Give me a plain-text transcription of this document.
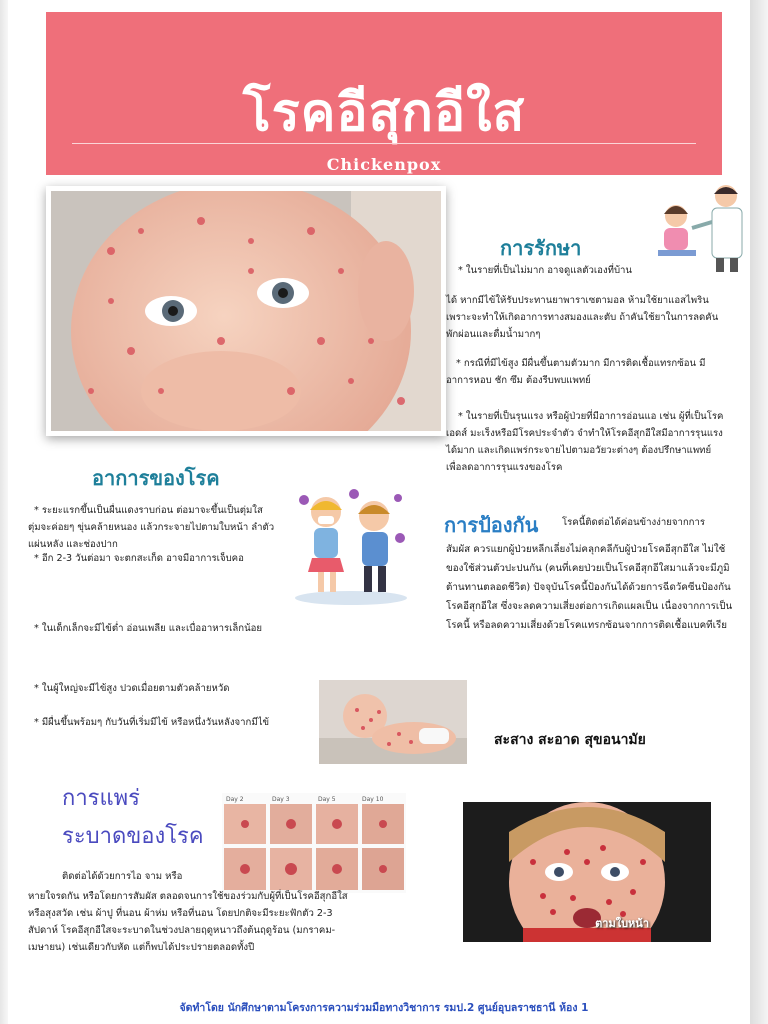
โรคอีสุกอีใส
Chickenpox
การรักษา
* ในรายที่เป็นไม่มาก อาจดูแลตัวเองที่บ้าน
ได้ หากมีไข้ให้รับประทานยาพาราเซตามอล ห้ามใช้ยาแอสไพริน เพราะจะทำให้เกิดอาการทางสมองและตับ ถ้าคันใช้ยาในการลดคัน พักผ่อนและดื่มน้ำมากๆ
* กรณีที่มีไข้สูง มีผื่นขึ้นตามตัวมาก มีการติดเชื้อแทรกซ้อน มีอาการหอบ ชัก ซึม ต้องรีบพบแพทย์
* ในรายที่เป็นรุนแรง หรือผู้ป่วยที่มีอาการอ่อนแอ เช่น ผู้ที่เป็นโรคเอดส์ มะเร็งหรือมีโรคประจำตัว จำทำให้โรคอีสุกอีใสมีอาการรุนแรงได้มาก และเกิดแพร่กระจายไปตามอวัยวะต่างๆ ต้องปรึกษาแพทย์ เพื่อลดอาการรุนแรงของโรค
อาการของโรค
* ระยะแรกขึ้นเป็นผื่นแดงราบก่อน ต่อมาจะขึ้นเป็นตุ่มใส ตุ่มจะค่อยๆ ขุ่นคล้ายหนอง แล้วกระจายไปตามใบหน้า ลำตัว แผ่นหลัง และช่องปาก
* อีก 2-3 วันต่อมา จะตกสะเก็ด อาจมีอาการเจ็บคอ
* ในเด็กเล็กจะมีไข้ต่ำ อ่อนเพลีย และเบื่ออาหารเล็กน้อย
* ในผู้ใหญ่จะมีไข้สูง ปวดเมื่อยตามตัวคล้ายหวัด
* มีผื่นขึ้นพร้อมๆ กับวันที่เริ่มมีไข้ หรือหนึ่งวันหลังจากมีไข้
การป้องกัน โรคนี้ติดต่อได้ค่อนข้างง่ายจากการ
สัมผัส ควรแยกผู้ป่วยหลีกเลี่ยงไม่คลุกคลีกับผู้ป่วยโรคอีสุกอีใส ไม่ใช้ของใช้ส่วนตัวปะปนกัน (คนที่เคยป่วยเป็นโรคอีสุกอีใสมาแล้วจะมีภูมิต้านทานตลอดชีวิต) ปัจจุบันโรคนี้ป้องกันได้ด้วยการฉีดวัคซีนป้องกันโรคอีสุกอีใส ซึ่งจะลดความเสี่ยงต่อการเกิดแผลเป็น เนื่องจากการเป็นโรคนี้ หรือลดความเสี่ยงด้วยโรคแทรกซ้อนจากการติดเชื้อแบคทีเรีย
สะสาง สะอาด สุขอนามัย
การแพร่
ระบาดของโรค
Day 2	Day 3	Day 5	Day 10
ติดต่อได้ด้วยการไอ จาม หรือ
หายใจรดกัน หรือโดยการสัมผัส ตลอดจนการใช้ของร่วมกับผู้ที่เป็นโรคอีสุกอีใส หรือสุงสวัด เช่น ผ้าปู ที่นอน ผ้าห่ม หรือที่นอน โดยปกติจะมีระยะฟักตัว 2-3 สัปดาห์ โรคอีสุกอีใสจะระบาดในช่วงปลายฤดูหนาวถึงต้นฤดูร้อน (มกราคม-เมษายน) เช่นเดียวกับหัด แต่ก็พบได้ประปรายตลอดทั้งปี
ตามใบหน้า
จัดทำโดย นักศึกษาตามโครงการความร่วมมือทางวิชาการ รมป.2 ศูนย์อุบลราชธานี ห้อง 1
